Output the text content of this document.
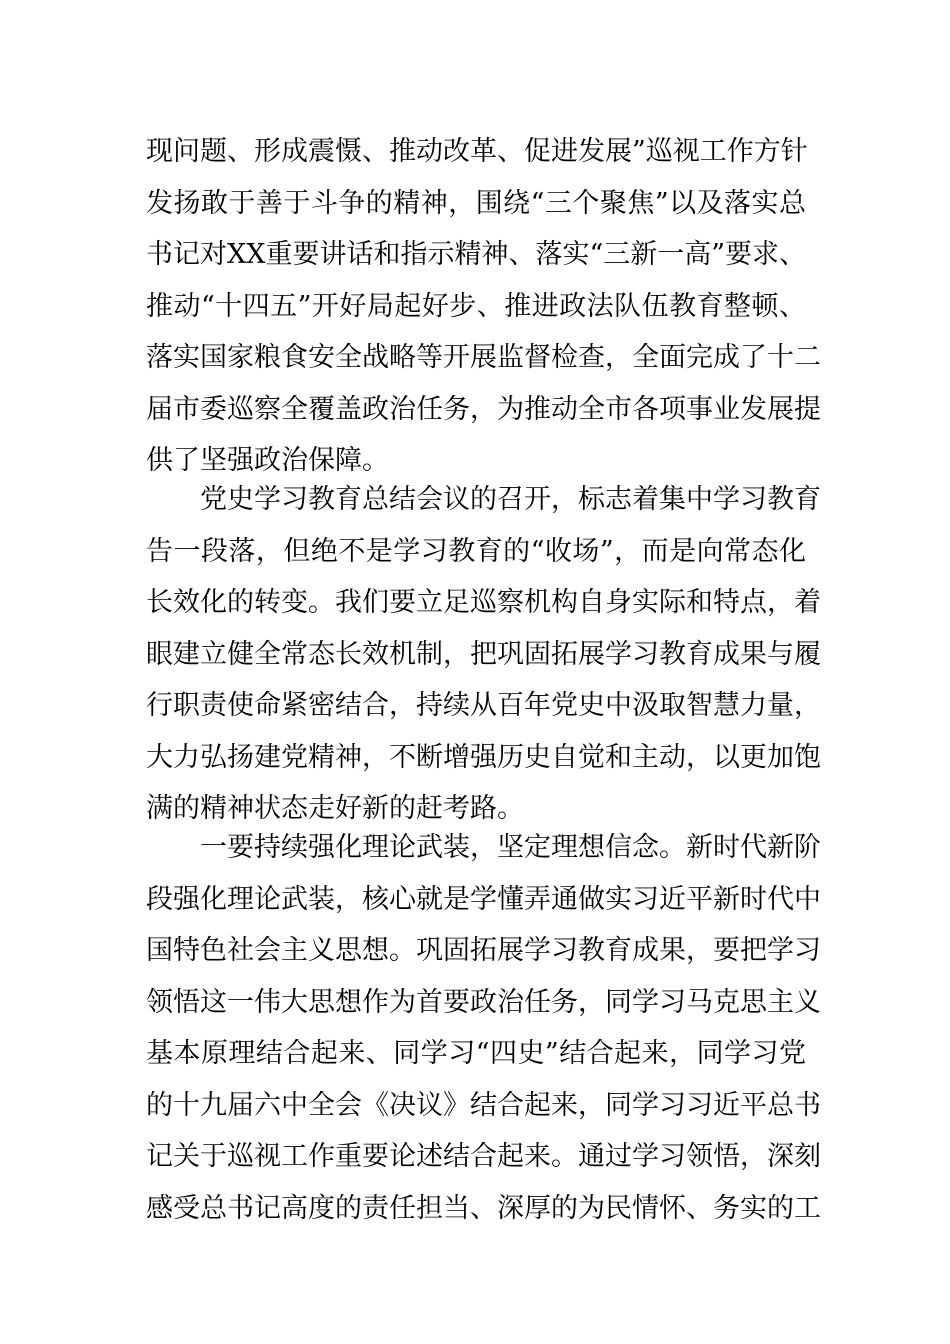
现问题、形成震慑、推动改革、促进发展”巡视工作方针
发扬敢于善于斗争的精神，围绕“三个聚焦”以及落实总
书记对XX重要讲话和指示精神、落实“三新一高”要求、
推动“十四五”开好局起好步、推进政法队伍教育整顿、
落实国家粮食安全战略等开展监督检查，全面完成了十二
届市委巡察全覆盖政治任务，为推动全市各项事业发展提
供了坚强政治保障。
党史学习教育总结会议的召开，标志着集中学习教育
告一段落，但绝不是学习教育的“收场”，而是向常态化
长效化的转变。我们要立足巡察机构自身实际和特点，着
眼建立健全常态长效机制，把巩固拓展学习教育成果与履
行职责使命紧密结合，持续从百年党史中汲取智慧力量，
大力弘扬建党精神，不断增强历史自觉和主动，以更加饱
满的精神状态走好新的赶考路。
一要持续强化理论武装，坚定理想信念。新时代新阶
段强化理论武装，核心就是学懂弄通做实习近平新时代中
国特色社会主义思想。巩固拓展学习教育成果，要把学习
领悟这一伟大思想作为首要政治任务，同学习马克思主义
基本原理结合起来、同学习“四史”结合起来，同学习党
的十九届六中全会《决议》结合起来，同学习习近平总书
记关于巡视工作重要论述结合起来。通过学习领悟，深刻
感受总书记高度的责任担当、深厚的为民情怀、务实的工
